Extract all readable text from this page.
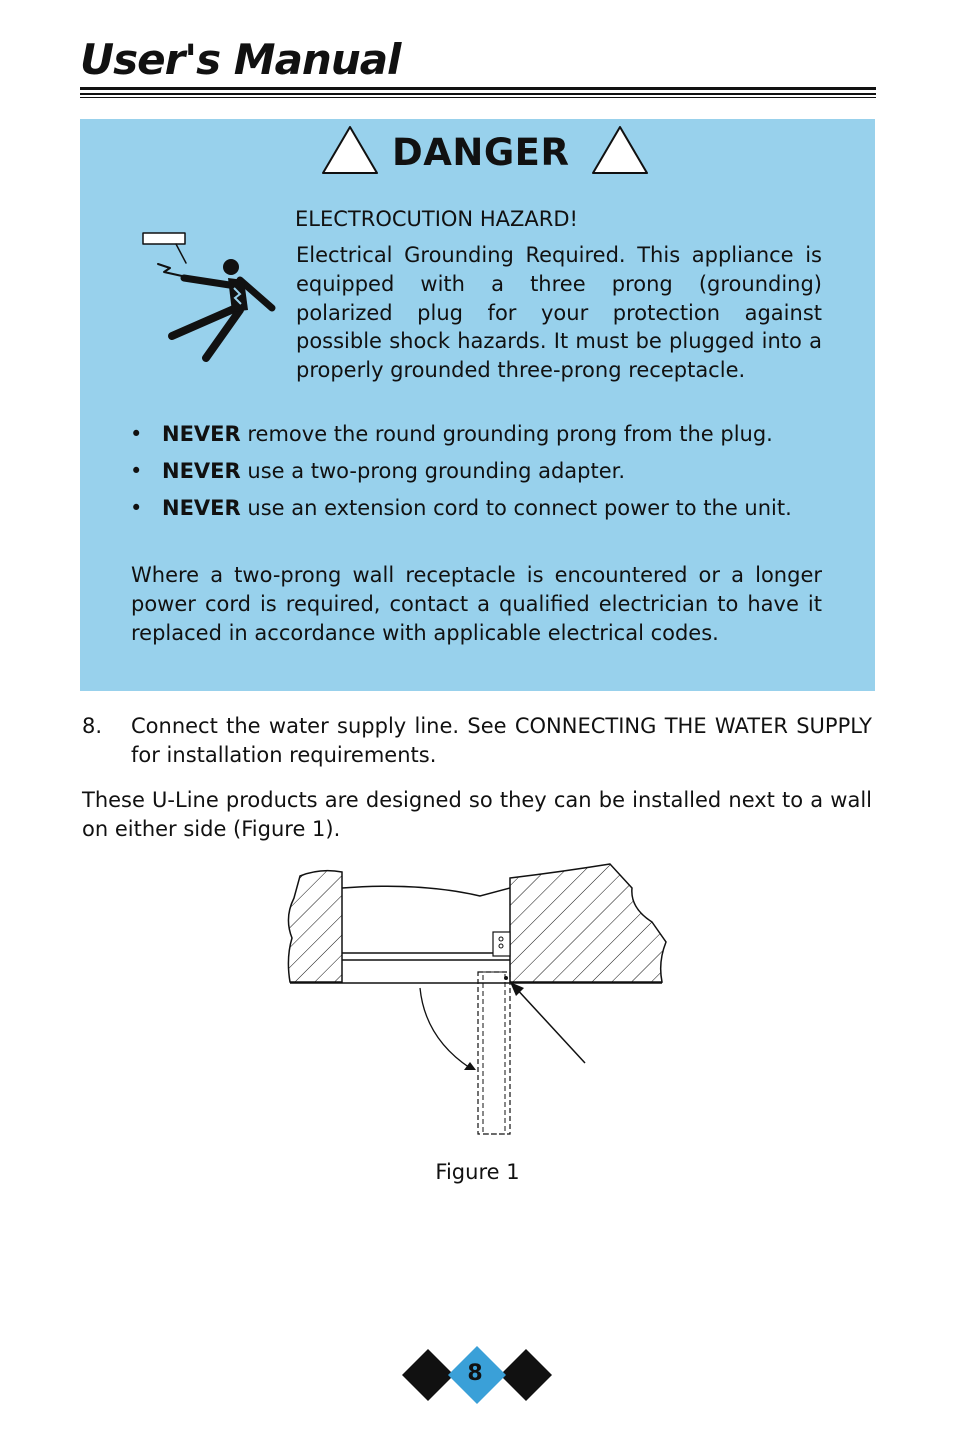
User's Manual
DANGER
ELECTROCUTION HAZARD!
Electrical Grounding Required. This appliance is equipped with a three prong (grounding) polarized plug for your protection against possible shock hazards. It must be plugged into a properly grounded three-prong receptacle.
• NEVER remove the round grounding prong from the plug.
• NEVER use a two-prong grounding adapter.
• NEVER use an extension cord to connect power to the unit.
Where a two-prong wall receptacle is encountered or a longer power cord is required, contact a qualified electrician to have it replaced in accordance with applicable electrical codes.
8. Connect the water supply line. See CONNECTING THE WATER SUPPLY for installation requirements.
These U-Line products are designed so they can be installed next to a wall on either side (Figure 1).
Figure 1
8
